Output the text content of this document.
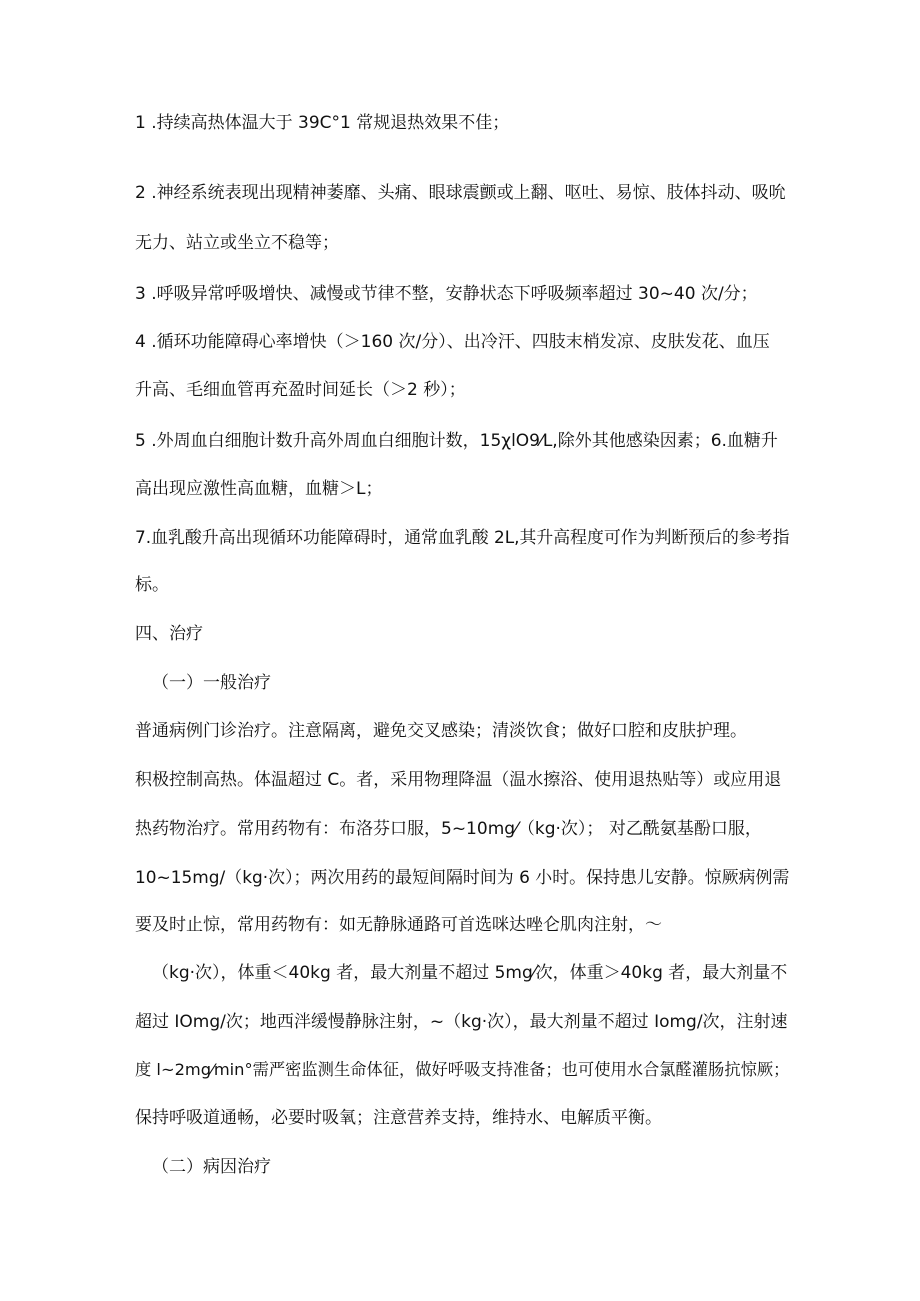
1 .持续高热体温大于 39C°1 常规退热效果不佳；
2 .神经系统表现出现精神萎靡、头痛、眼球震颤或上翻、呕吐、易惊、肢体抖动、吸吮
无力、站立或坐立不稳等；
3 .呼吸异常呼吸增快、减慢或节律不整，安静状态下呼吸频率超过 30~40 次/分；
4 .循环功能障碍心率增快（＞160 次/分）、出冷汗、四肢末梢发凉、皮肤发花、血压
升高、毛细血管再充盈时间延长（＞2 秒）；
5 .外周血白细胞计数升高外周血白细胞计数，15χlO9⁄L,除外其他感染因素；6.血糖升
高出现应激性高血糖，血糖＞L；
7.血乳酸升高出现循环功能障碍时，通常血乳酸 2L,其升高程度可作为判断预后的参考指
标。
四、治疗
（一）一般治疗
普通病例门诊治疗。注意隔离，避免交叉感染；清淡饮食；做好口腔和皮肤护理。
积极控制高热。体温超过 C。者，采用物理降温（温水擦浴、使用退热贴等）或应用退
热药物治疗。常用药物有：布洛芬口服，5~10mg⁄（kg·次）； 对乙酰氨基酚口服，
10~15mg/（kg·次）；两次用药的最短间隔时间为 6 小时。保持患儿安静。惊厥病例需
要及时止惊，常用药物有：如无静脉通路可首选咪达唑仑肌肉注射，〜
（kg·次），体重＜40kg 者，最大剂量不超过 5mg⁄次，体重＞40kg 者，最大剂量不
超过 IOmg/次；地西泮缓慢静脉注射，~（kg·次），最大剂量不超过 Iomg/次，注射速
度 l~2mg⁄min°需严密监测生命体征，做好呼吸支持准备；也可使用水合氯醛灌肠抗惊厥；
保持呼吸道通畅，必要时吸氧；注意营养支持，维持水、电解质平衡。
（二）病因治疗
